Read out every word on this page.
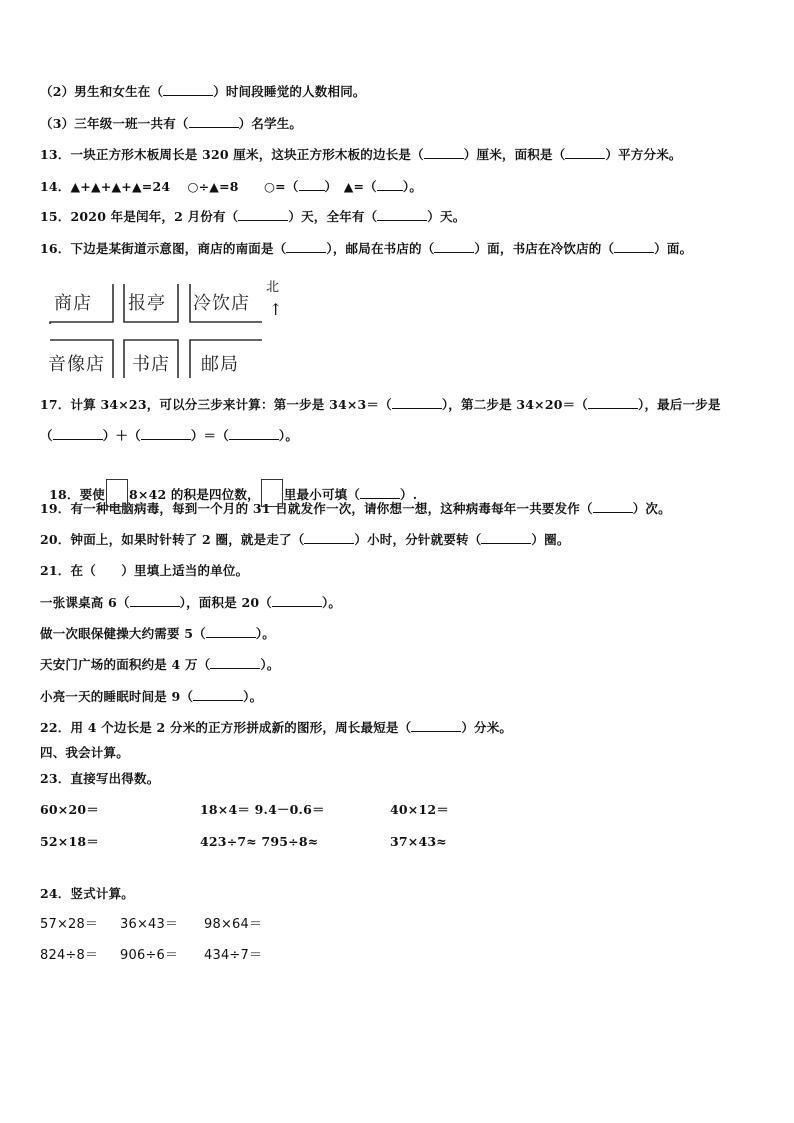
（2）男生和女生在（	）时间段睡觉的人数相同。
（3）三年级一班一共有（	）名学生。
13．一块正方形木板周长是 320 厘米，这块正方形木板的边长是（	）厘米，面积是（	）平方分米。
14．▲+▲+▲+▲=24　 ○÷▲=8　　○=（ ）　▲=（ ）。
15．2020 年是闰年，2 月份有（	）天，全年有（	）天。
16．下边是某街道示意图，商店的南面是（	），邮局在书店的（	）面，书店在冷饮店的（	）面。
17．计算 34×23，可以分三步来计算：第一步是 34×3＝（	），第二步是 34×20＝（	），最后一步是
（	）＋（	）＝（	）。
19．有一种电脑病毒，每到一个月的 31 日就发作一次，请你想一想，这种病毒每年一共要发作（	）次。
20．钟面上，如果时针转了 2 圈，就是走了（	）小时，分针就要转（	）圈。
21．在（　　）里填上适当的单位。
一张课桌高 6（	），面积是 20（	）。
做一次眼保健操大约需要 5（	）。
天安门广场的面积约是 4 万（	）。
小亮一天的睡眠时间是 9（	）。
22．用 4 个边长是 2 分米的正方形拼成新的图形，周长最短是（	）分米。
四、我会计算。
23．直接写出得数。
24．竖式计算。
商店 报亭 冷饮店
音像店 书店 邮局
北
↑

18．要使 8×42 的积是四位数， 里最小可填（	）.

60×20＝	18×4＝ 9.4－0.6＝	40×12＝
52×18＝	423÷7≈ 795÷8≈	37×43≈
57×28＝ 36×43＝ 98×64＝
824÷8＝ 906÷6＝ 434÷7＝
